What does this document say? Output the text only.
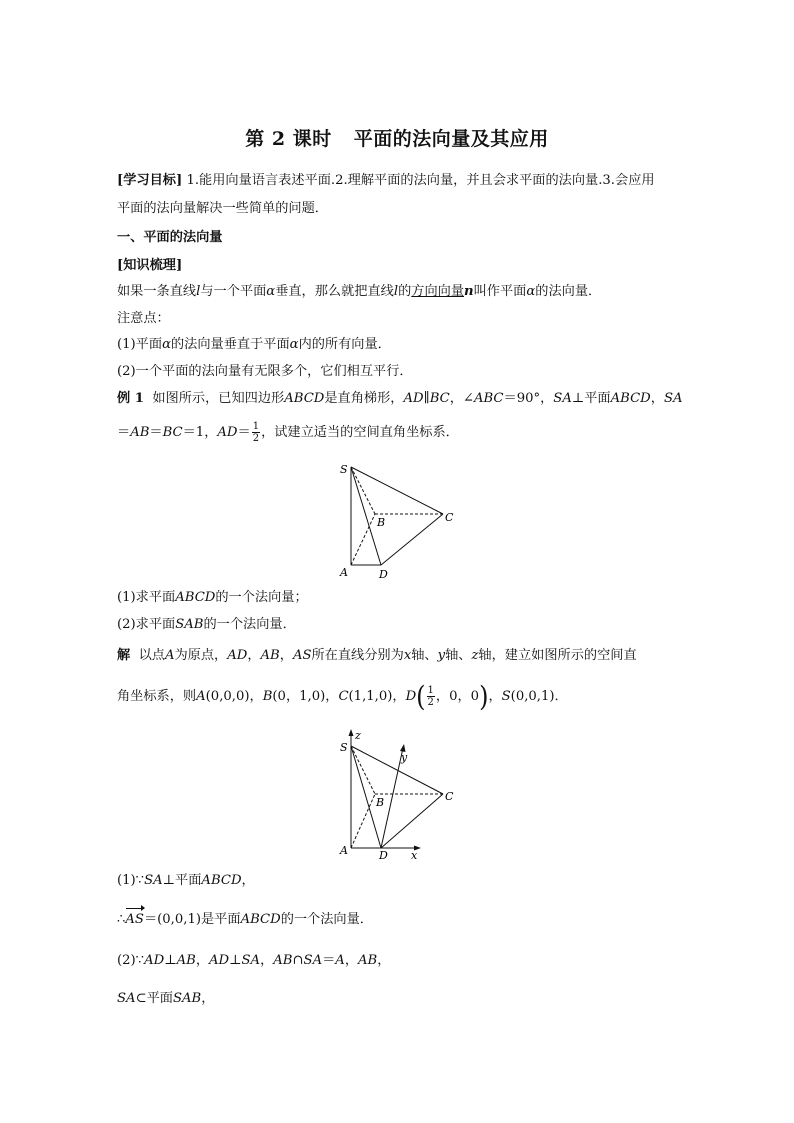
第 2 课时 平面的法向量及其应用
[学习目标] 1.能用向量语言表述平面.2.理解平面的法向量，并且会求平面的法向量.3.会应用
平面的法向量解决一些简单的问题．
一、平面的法向量
[知识梳理]
如果一条直线l与一个平面α垂直，那么就把直线l的方向向量n叫作平面α的法向量．
注意点：
(1)平面α的法向量垂直于平面α内的所有向量．
(2)一个平面的法向量有无限多个，它们相互平行．
例 1 如图所示，已知四边形ABCD是直角梯形，AD∥BC，∠ABC＝90°，SA⊥平面ABCD，SA
＝AB＝BC＝1，$AD= \frac{1}{2}$ ，试建立适当的空间直角坐标系．
S
A
B	C
D
(1)求平面ABCD的一个法向量；
(2)求平面SAB的一个法向量．
解 以点A为原点，AD，AB，AS所在直线分别为x轴、y轴、z轴，建立如图所示的空间直
角坐标系，则A(0,0,0)，B(0，1,0)，C(1,1,0)，$D( \frac{1}{2}$ ，0，0)，S(0,0,1)．
z
S
y
B	C
A	D x
(1)∵SA⊥平面ABCD，
∴AS＝(0,0,1)是平面ABCD的一个法向量．
(2)∵AD⊥AB，AD⊥SA，AB∩SA＝A，AB，
SA⊂平面SAB，
